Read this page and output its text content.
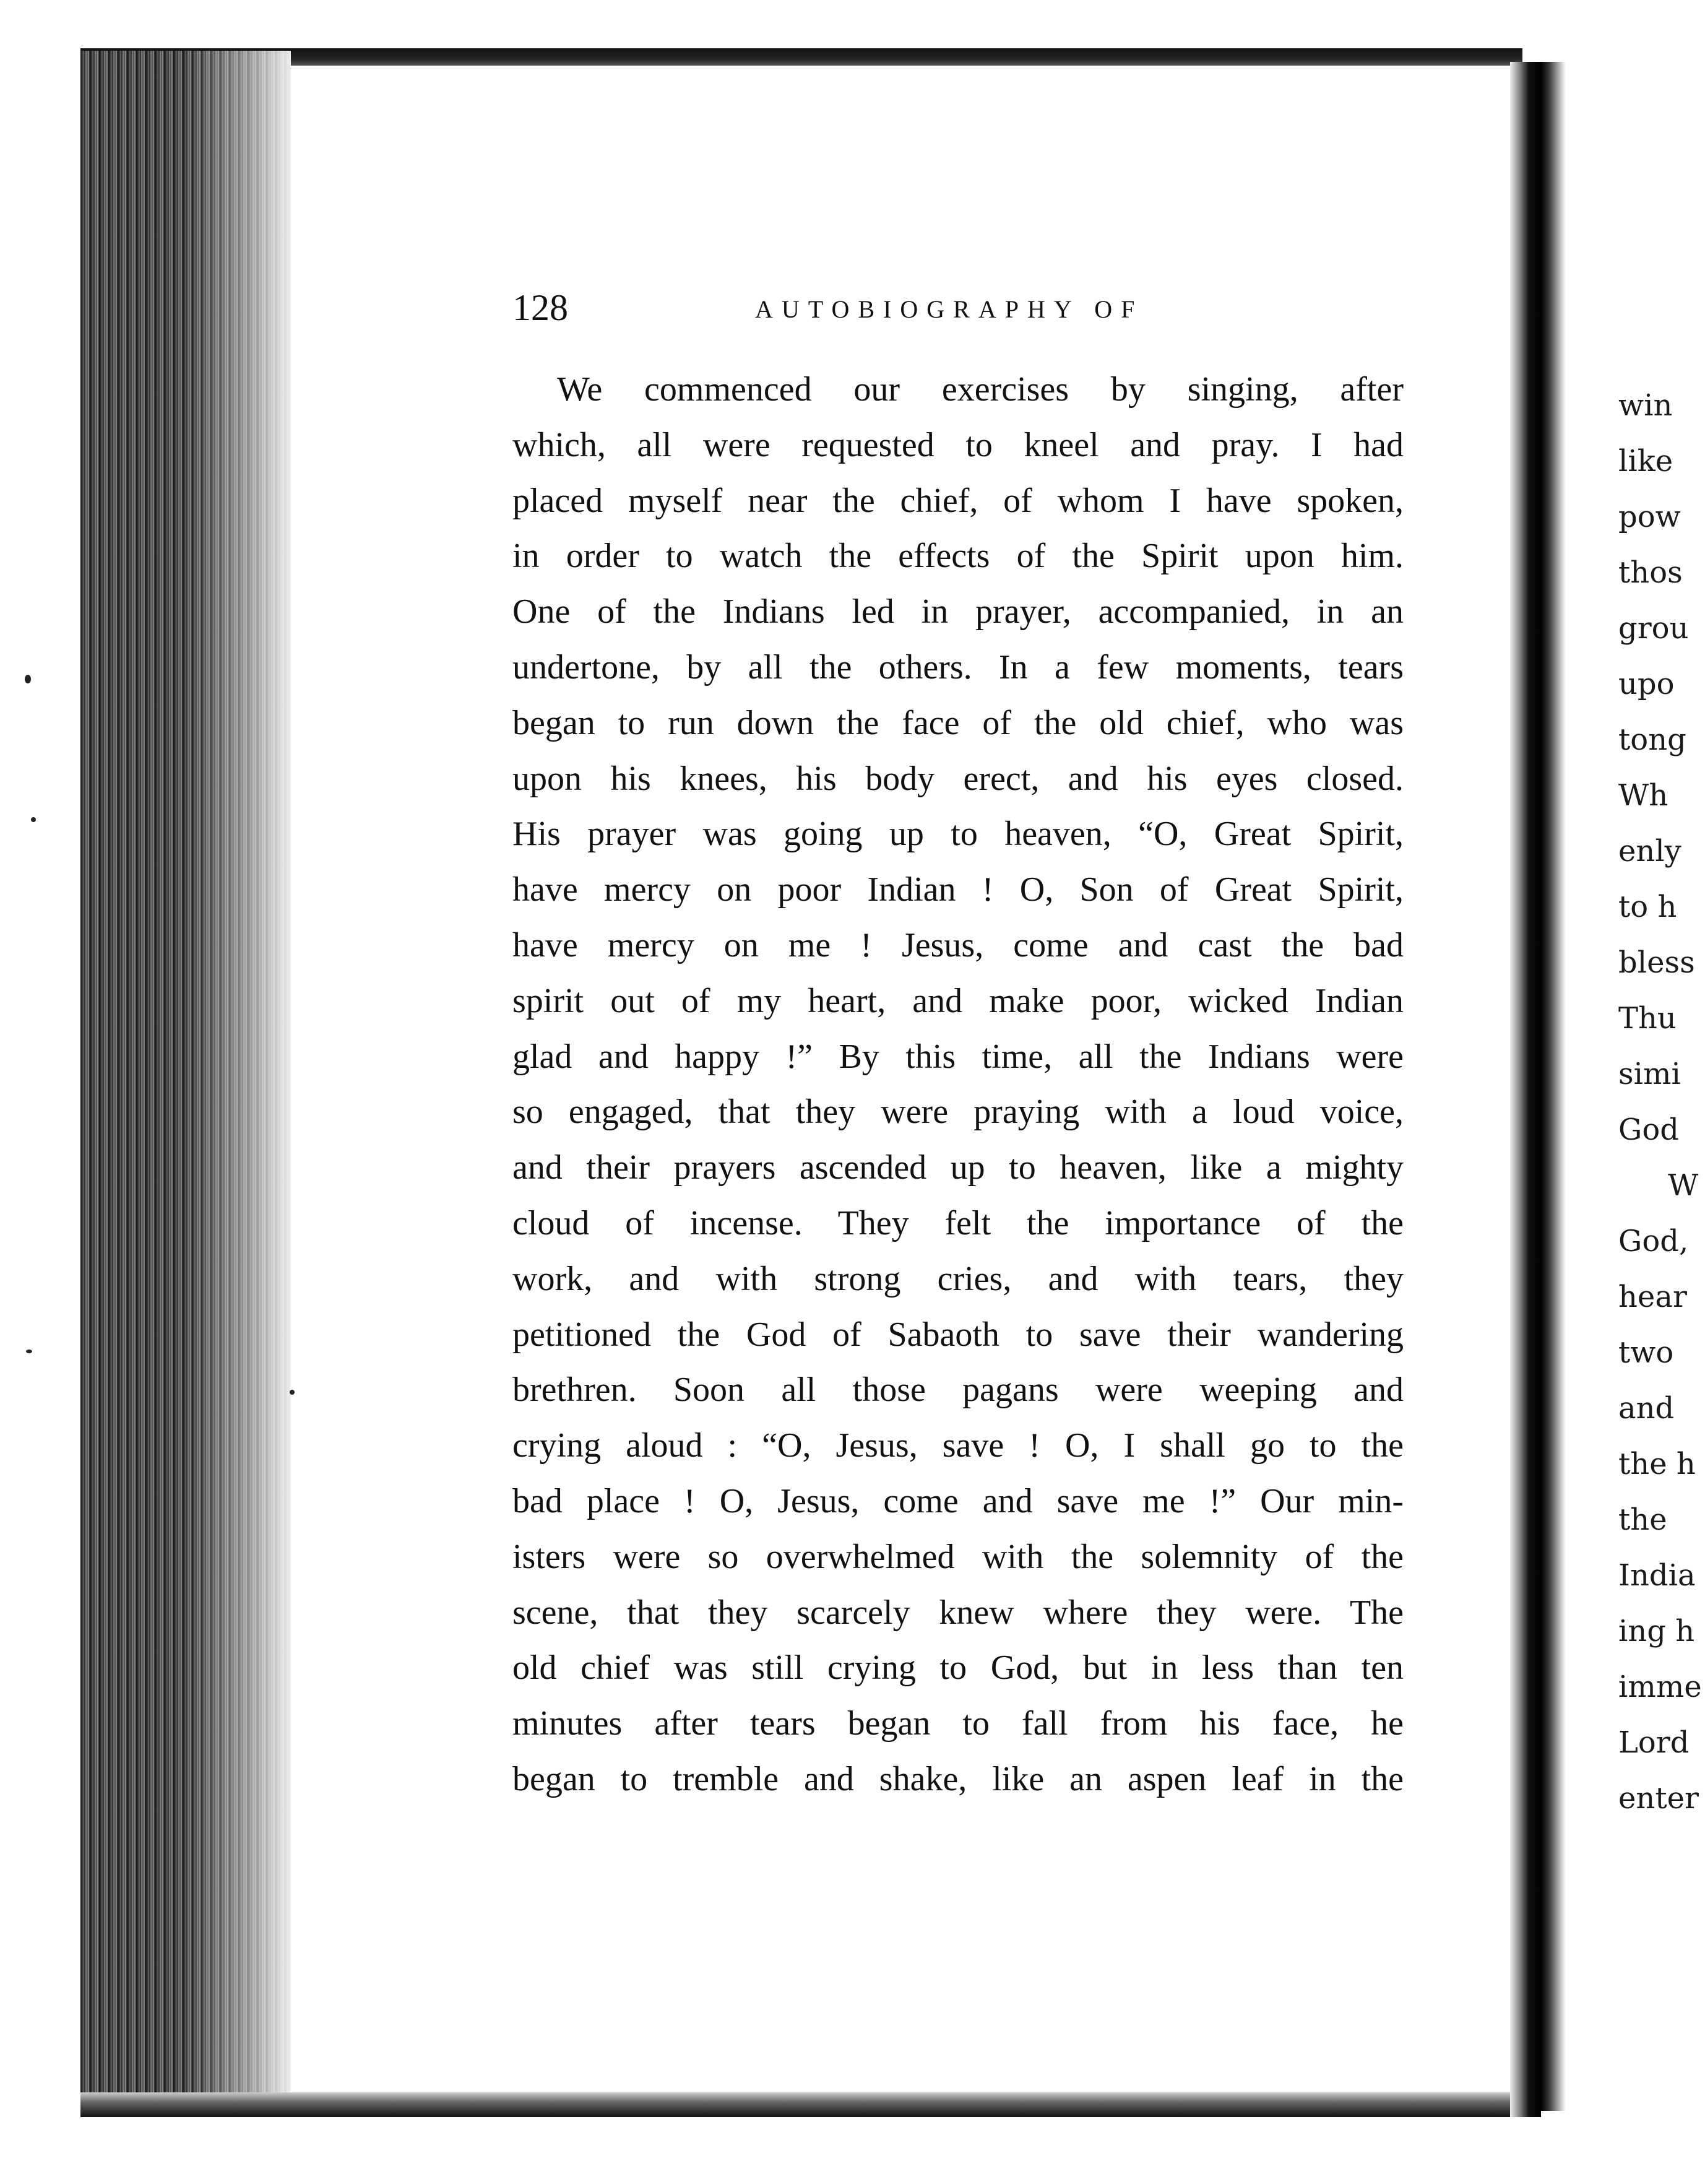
win
like
pow
thos
grou
upo
tong
Wh
enly
to h
bless
Thu
simi
God
W
God,
hear
two
and
the h
the
India
ing h
imme
Lord
enter
128	AUTOBIOGRAPHY OF
We commenced our exercises by singing, after
which, all were requested to kneel and pray. I had
placed myself near the chief, of whom I have spoken,
in order to watch the effects of the Spirit upon him.
One of the Indians led in prayer, accompanied, in an
undertone, by all the others. In a few moments, tears
began to run down the face of the old chief, who was
upon his knees, his body erect, and his eyes closed.
His prayer was going up to heaven, “O, Great Spirit,
have mercy on poor Indian ! O, Son of Great Spirit,
have mercy on me ! Jesus, come and cast the bad
spirit out of my heart, and make poor, wicked Indian
glad and happy !” By this time, all the Indians were
so engaged, that they were praying with a loud voice,
and their prayers ascended up to heaven, like a mighty
cloud of incense. They felt the importance of the
work, and with strong cries, and with tears, they
petitioned the God of Sabaoth to save their wandering
brethren. Soon all those pagans were weeping and
crying aloud : “O, Jesus, save ! O, I shall go to the
bad place ! O, Jesus, come and save me !” Our min-
isters were so overwhelmed with the solemnity of the
scene, that they scarcely knew where they were. The
old chief was still crying to God, but in less than ten
minutes after tears began to fall from his face, he
began to tremble and shake, like an aspen leaf in the
